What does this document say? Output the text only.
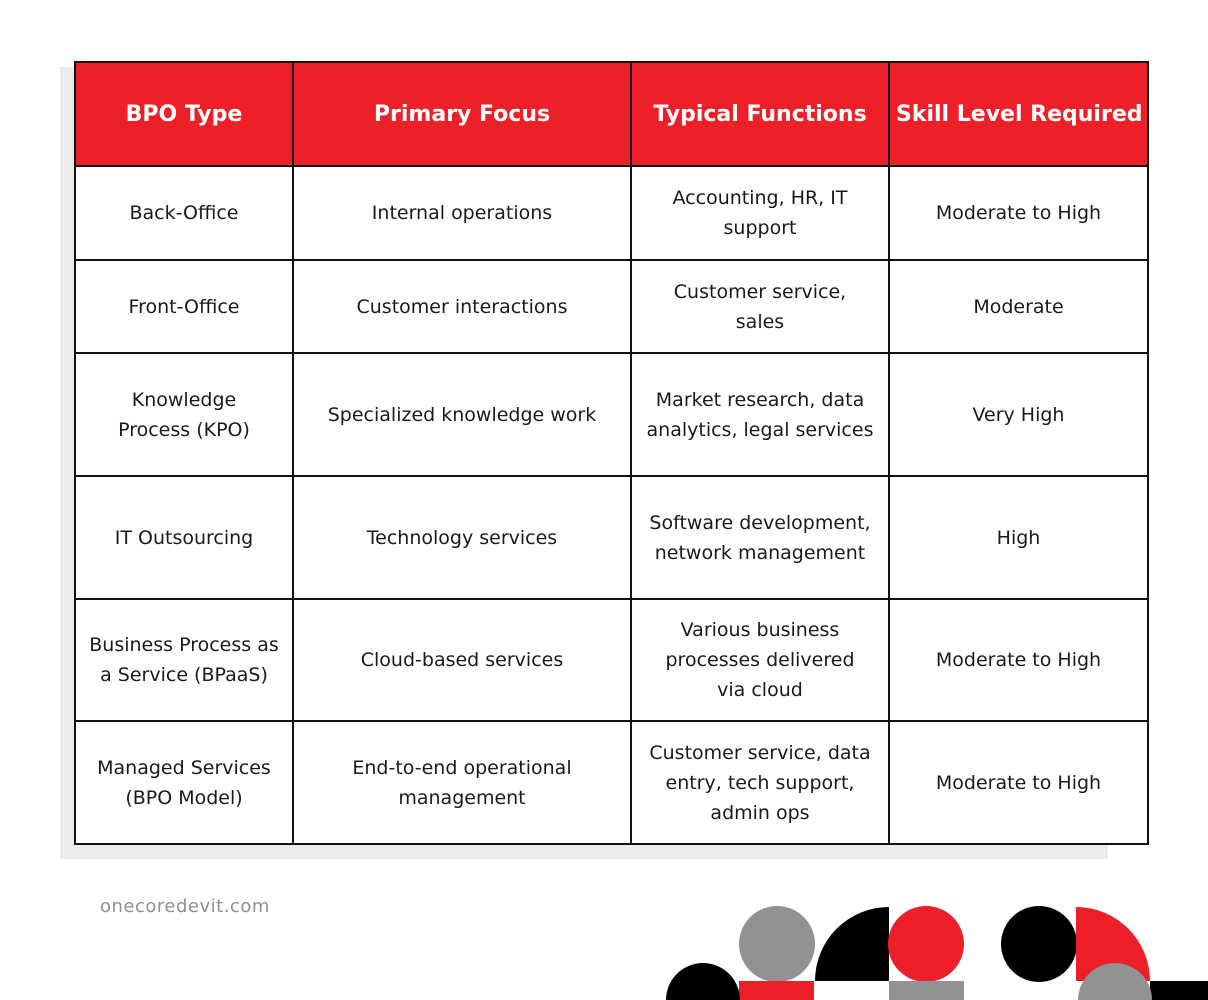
BPO Type	Primary Focus	Typical Functions	Skill Level Required
Back-Office	Internal operations	Accounting, HR, IT support	Moderate to High
Front-Office	Customer interactions	Customer service, sales	Moderate
Knowledge Process (KPO)	Specialized knowledge work	Market research, data analytics, legal services	Very High
IT Outsourcing	Technology services	Software development, network management	High
Business Process as a Service (BPaaS)	Cloud-based services	Various business processes delivered via cloud	Moderate to High
Managed Services (BPO Model)	End-to-end operational management	Customer service, data entry, tech support, admin ops	Moderate to High
onecoredevit.com
